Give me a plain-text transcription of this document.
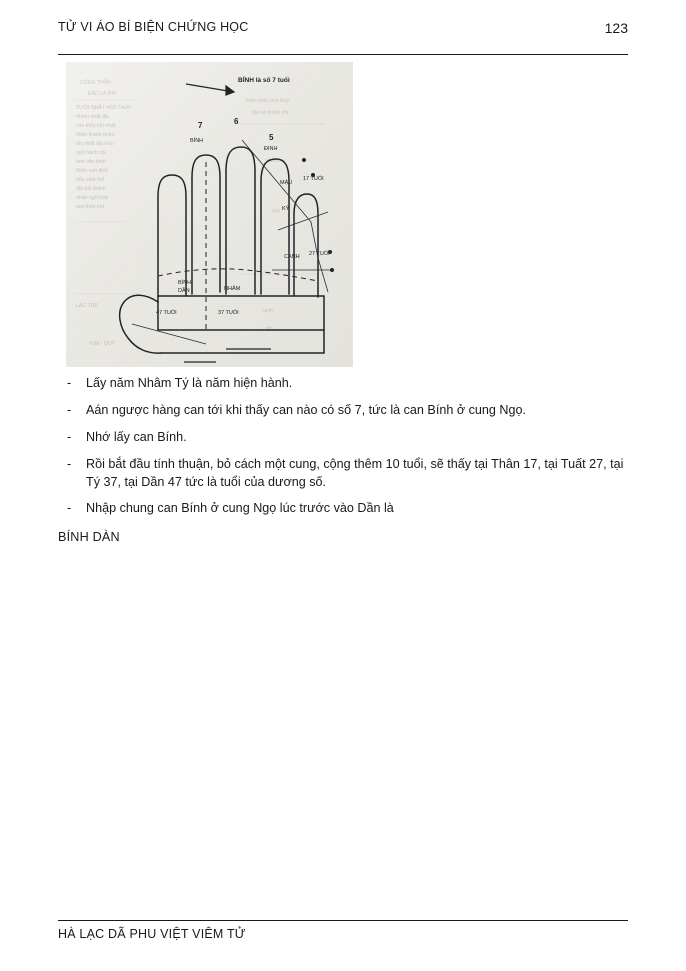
TỬ VI ÁO BÍ BIỆN CHỨNG HỌC	123
CÔNG THẦN
BẮC LÀ ĐỊA
TƯỚI NHẤT HỢI THỦY
nhâm nhật địa
can thủy khí nhất
thiên thành thiên
nhi nhất địa hỏa
ngũ hành chi
tam vận khởi
thiên can đinh
hỏa sinh thổ
địa bát thành
nhân ngũ hợp
quý thủy khí
LẠC THƯ
KIM - QUÝ
thiên nhất sinh thủy
địa lục thành chi
nhâm
quý
canh
tân
BÍNH là số 7 tuổi
7	6
5
BÍNH
ĐINH
MẬU
KỶ
CANH
17 TUỔI
27 TUỔI
NHÂM
BÍNH
DẦN
47 TUỔI	37 TUỔI
- Lấy năm Nhâm Tý là năm hiện hành.
- Aán ngược hàng can tới khi thấy can nào có số 7, tức là can Bính ở cung Ngọ.
- Nhớ lấy can Bính.
- Rồi bắt đầu tính thuận, bỏ cách một cung, cộng thêm 10 tuổi, sẽ thấy tại Thân 17, tại Tuất 27, tại Tý 37, tại Dần 47 tức là tuổi của dương số.
- Nhập chung can Bính ở cung Ngọ lúc trước vào Dần là
BÍNH DÀN
HÀ LẠC DÃ PHU VIỆT VIÊM TỬ
